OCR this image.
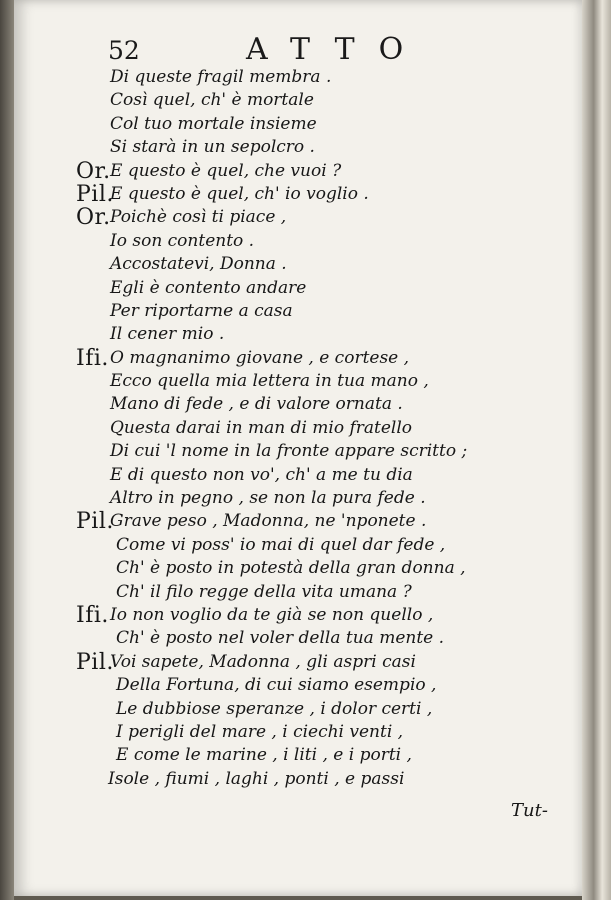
52	ATTO
Di queste fragil membra .
Così quel, ch' è mortale
Col tuo mortale insieme
Si starà in un sepolcro .
Or. E questo è quel, che vuoi ?
Pil.
E questo è quel, ch' io voglio .
Or. Poichè così ti piace ,
Io son contento .
Accostatevi, Donna .
Egli è contento andare
Per riportarne a casa
Il cener mio .
Ifi. O magnanimo giovane , e cortese ,
Ecco quella mia lettera in tua mano ,
Mano di fede , e di valore ornata .
Questa darai in man di mio fratello
Di cui 'l nome in la fronte appare scritto ;
E di questo non vo', ch' a me tu dia
Altro in pegno , se non la pura fede .
Pil.
Grave peso , Madonna, ne 'nponete .
Come vi poss' io mai di quel dar fede ,
Ch' è posto in potestà della gran donna ,
Ch' il filo regge della vita umana ?
Ifi. Io non voglio da te già se non quello ,
Ch' è posto nel voler della tua mente .
Pil.
Voi sapete, Madonna , gli aspri casi
Della Fortuna, di cui siamo esempio ,
Le dubbiose speranze , i dolor certi ,
I perigli del mare , i ciechi venti ,
E come le marine , i liti , e i porti ,
Isole , fiumi , laghi , ponti , e passi
Tut-
